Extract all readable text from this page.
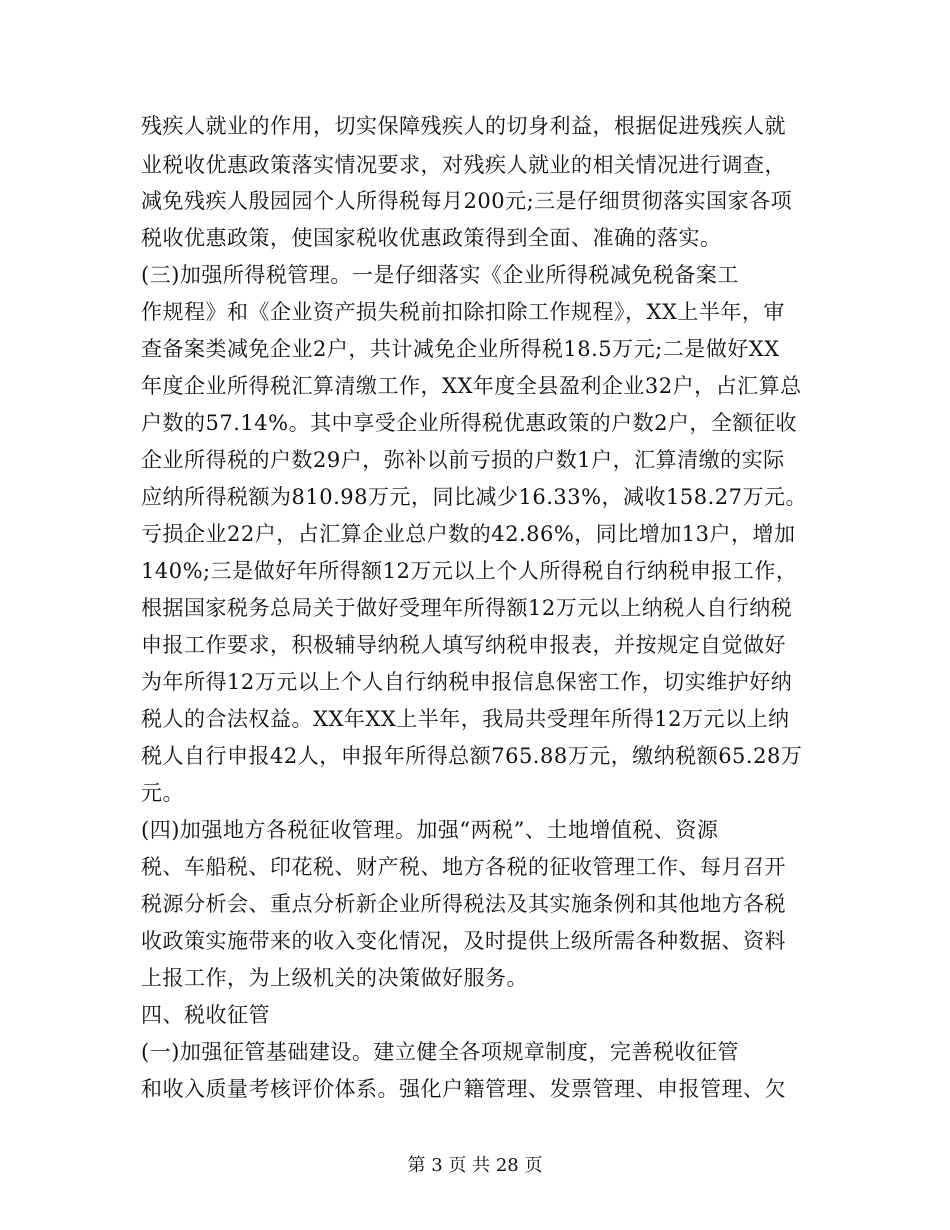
残疾人就业的作用，切实保障残疾人的切身利益，根据促进残疾人就
业税收优惠政策落实情况要求，对残疾人就业的相关情况进行调查，
减免残疾人殷园园个人所得税每月200元;三是仔细贯彻落实国家各项
税收优惠政策，使国家税收优惠政策得到全面、准确的落实。
(三)加强所得税管理。一是仔细落实《企业所得税减免税备案工
作规程》和《企业资产损失税前扣除扣除工作规程》，XX上半年，审
查备案类减免企业2户，共计减免企业所得税18.5万元;二是做好XX
年度企业所得税汇算清缴工作，XX年度全县盈利企业32户，占汇算总
户数的57.14%。其中享受企业所得税优惠政策的户数2户，全额征收
企业所得税的户数29户，弥补以前亏损的户数1户，汇算清缴的实际
应纳所得税额为810.98万元，同比减少16.33%，减收158.27万元。
亏损企业22户，占汇算企业总户数的42.86%，同比增加13户，增加
140%;三是做好年所得额12万元以上个人所得税自行纳税申报工作，
根据国家税务总局关于做好受理年所得额12万元以上纳税人自行纳税
申报工作要求，积极辅导纳税人填写纳税申报表，并按规定自觉做好
为年所得12万元以上个人自行纳税申报信息保密工作，切实维护好纳
税人的合法权益。XX年XX上半年，我局共受理年所得12万元以上纳
税人自行申报42人，申报年所得总额765.88万元，缴纳税额65.28万
元。
(四)加强地方各税征收管理。加强“两税”、土地增值税、资源
税、车船税、印花税、财产税、地方各税的征收管理工作、每月召开
税源分析会、重点分析新企业所得税法及其实施条例和其他地方各税
收政策实施带来的收入变化情况，及时提供上级所需各种数据、资料
上报工作，为上级机关的决策做好服务。
四、税收征管
(一)加强征管基础建设。建立健全各项规章制度，完善税收征管
和收入质量考核评价体系。强化户籍管理、发票管理、申报管理、欠
第 3 页 共 28 页
